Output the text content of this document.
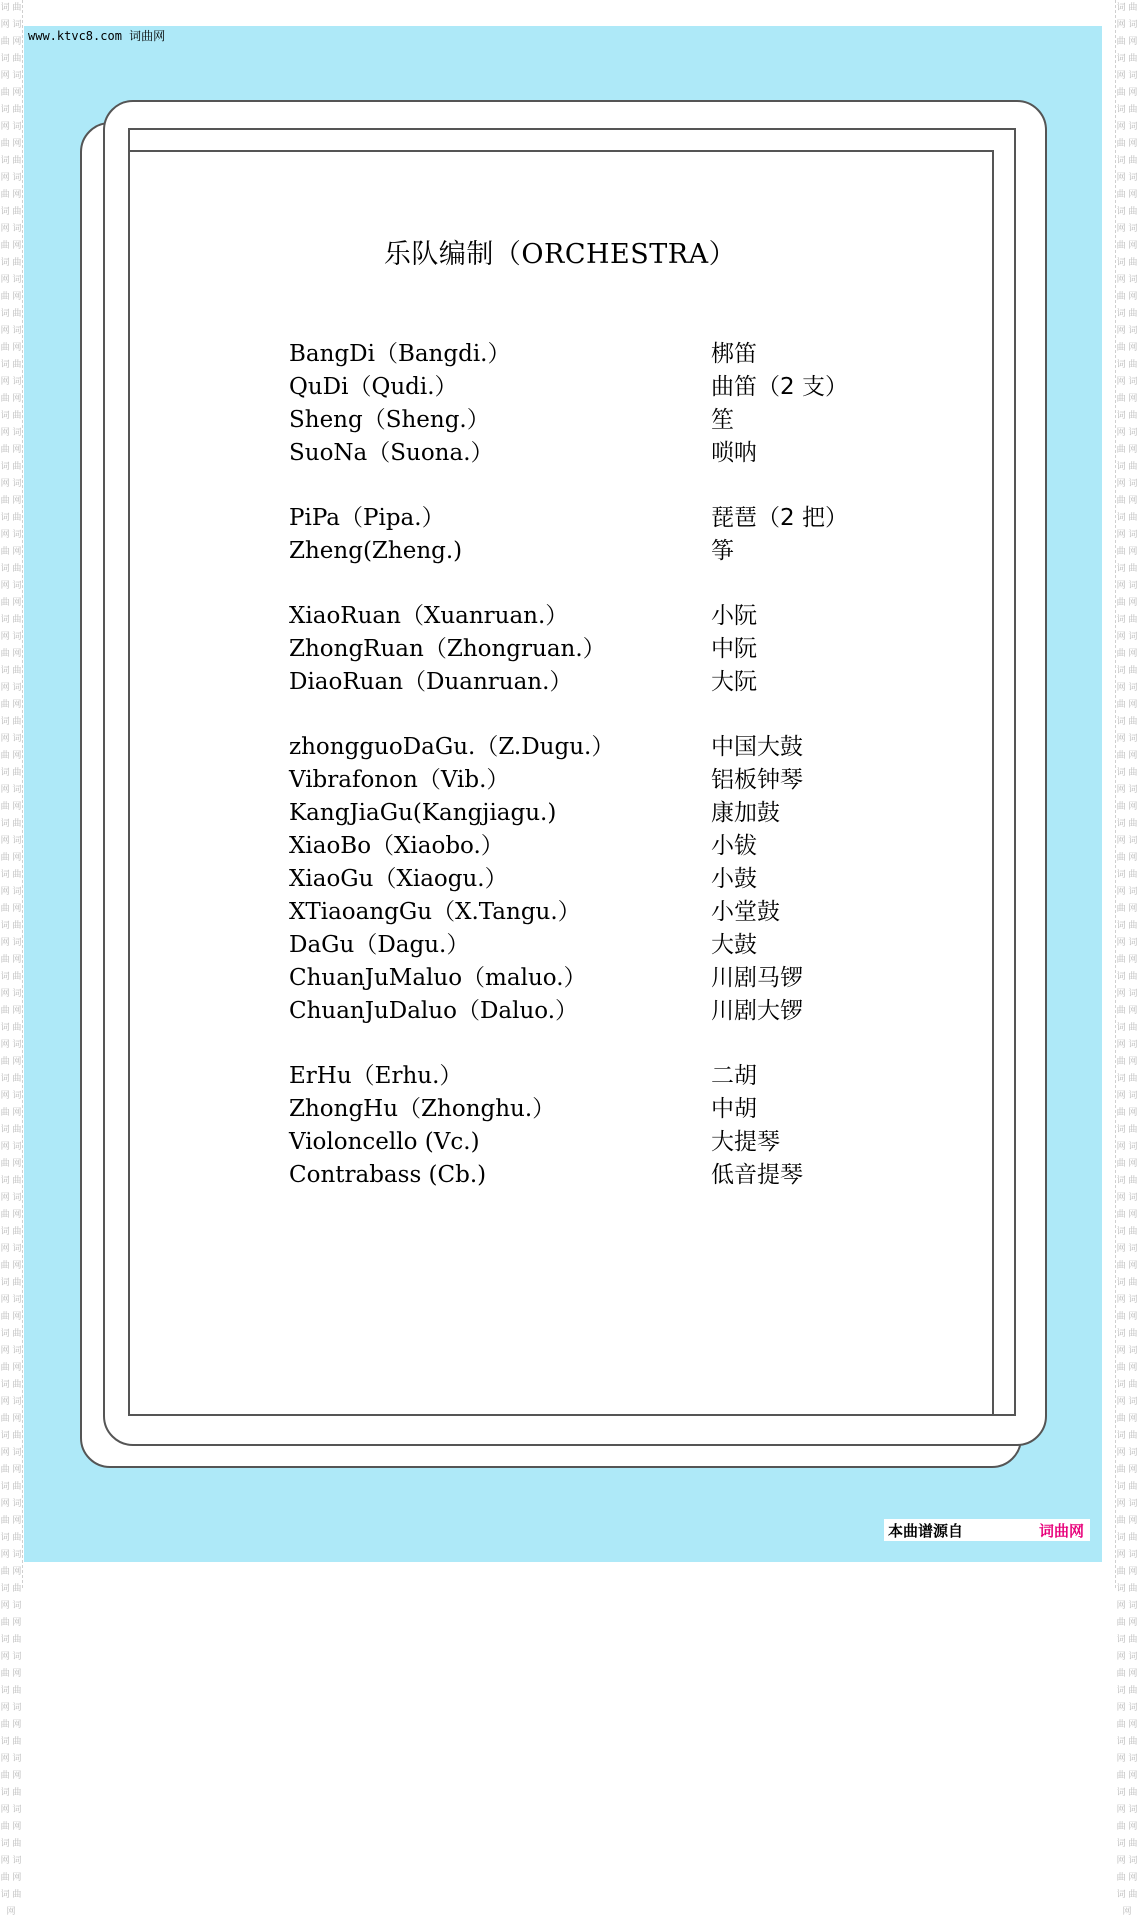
词 曲 网 词 曲 网 词 曲 网 词 曲 网 词 曲 网 词 曲 网 词 曲 网 词 曲 网 词 曲 网 词 曲 网 词 曲 网 词 曲 网 词 曲 网 词 曲 网 词 曲 网 词 曲 网 词 曲 网 词 曲 网 词 曲 网 词 曲 网 词 曲 网 词 曲 网 词 曲 网 词 曲 网 词 曲 网 词 曲 网 词 曲 网 词 曲 网 词 曲 网 词 曲 网 词 曲 网 词 曲 网 词 曲 网 词 曲 网 词 曲 网 词 曲 网 词 曲 网 词 曲 网 词 曲 网 词 曲 网 词 曲 网 词 曲 网 词 曲 网 词 曲 网 词 曲 网 词 曲 网 词 曲 网 词 曲 网 词 曲 网 词 曲 网 词 曲 网 词 曲 网 词 曲 网 词 曲 网 词 曲 网 词 曲 网 词 曲 网 词 曲 网 词 曲 网 词 曲 网 词 曲 网 词 曲 网 词 曲 网 词 曲 网 词 曲 网 词 曲 网 词 曲 网 词 曲 网 词 曲 网 词 曲 网 词 曲 网 词 曲 网 词 曲 网 词 曲 网 词 曲 网
词 曲 网 词 曲 网 词 曲 网 词 曲 网 词 曲 网 词 曲 网 词 曲 网 词 曲 网 词 曲 网 词 曲 网 词 曲 网 词 曲 网 词 曲 网 词 曲 网 词 曲 网 词 曲 网 词 曲 网 词 曲 网 词 曲 网 词 曲 网 词 曲 网 词 曲 网 词 曲 网 词 曲 网 词 曲 网 词 曲 网 词 曲 网 词 曲 网 词 曲 网 词 曲 网 词 曲 网 词 曲 网 词 曲 网 词 曲 网 词 曲 网 词 曲 网 词 曲 网 词 曲 网 词 曲 网 词 曲 网 词 曲 网 词 曲 网 词 曲 网 词 曲 网 词 曲 网 词 曲 网 词 曲 网 词 曲 网 词 曲 网 词 曲 网 词 曲 网 词 曲 网 词 曲 网 词 曲 网 词 曲 网 词 曲 网 词 曲 网 词 曲 网 词 曲 网 词 曲 网 词 曲 网 词 曲 网 词 曲 网 词 曲 网 词 曲 网 词 曲 网 词 曲 网 词 曲 网 词 曲 网 词 曲 网 词 曲 网 词 曲 网 词 曲 网 词 曲 网 词 曲 网
www.ktvc8.com 词曲网
乐队编制（ORCHESTRA）
BangDi（Bangdi.）	梆笛
QuDi（Qudi.）	曲笛（2 支）
Sheng（Sheng.）	笙
SuoNa（Suona.）	唢呐
PiPa（Pipa.）	琵琶（2 把）
Zheng(Zheng.)	筝
XiaoRuan（Xuanruan.）	小阮
ZhongRuan（Zhongruan.）	中阮
DiaoRuan（Duanruan.）	大阮
zhongguoDaGu.（Z.Dugu.）	中国大鼓
Vibrafonon（Vib.）	铝板钟琴
KangJiaGu(Kangjiagu.)	康加鼓
XiaoBo（Xiaobo.）	小钹
XiaoGu（Xiaogu.）	小鼓
XTiaoangGu（X.Tangu.）	小堂鼓
DaGu（Dagu.）	大鼓
ChuanJuMaluo（maluo.）	川剧马锣
ChuanJuDaluo（Daluo.）	川剧大锣
ErHu（Erhu.）	二胡
ZhongHu（Zhonghu.）	中胡
Violoncello (Vc.)	大提琴
Contrabass (Cb.)	低音提琴
本曲谱源自	词曲网
